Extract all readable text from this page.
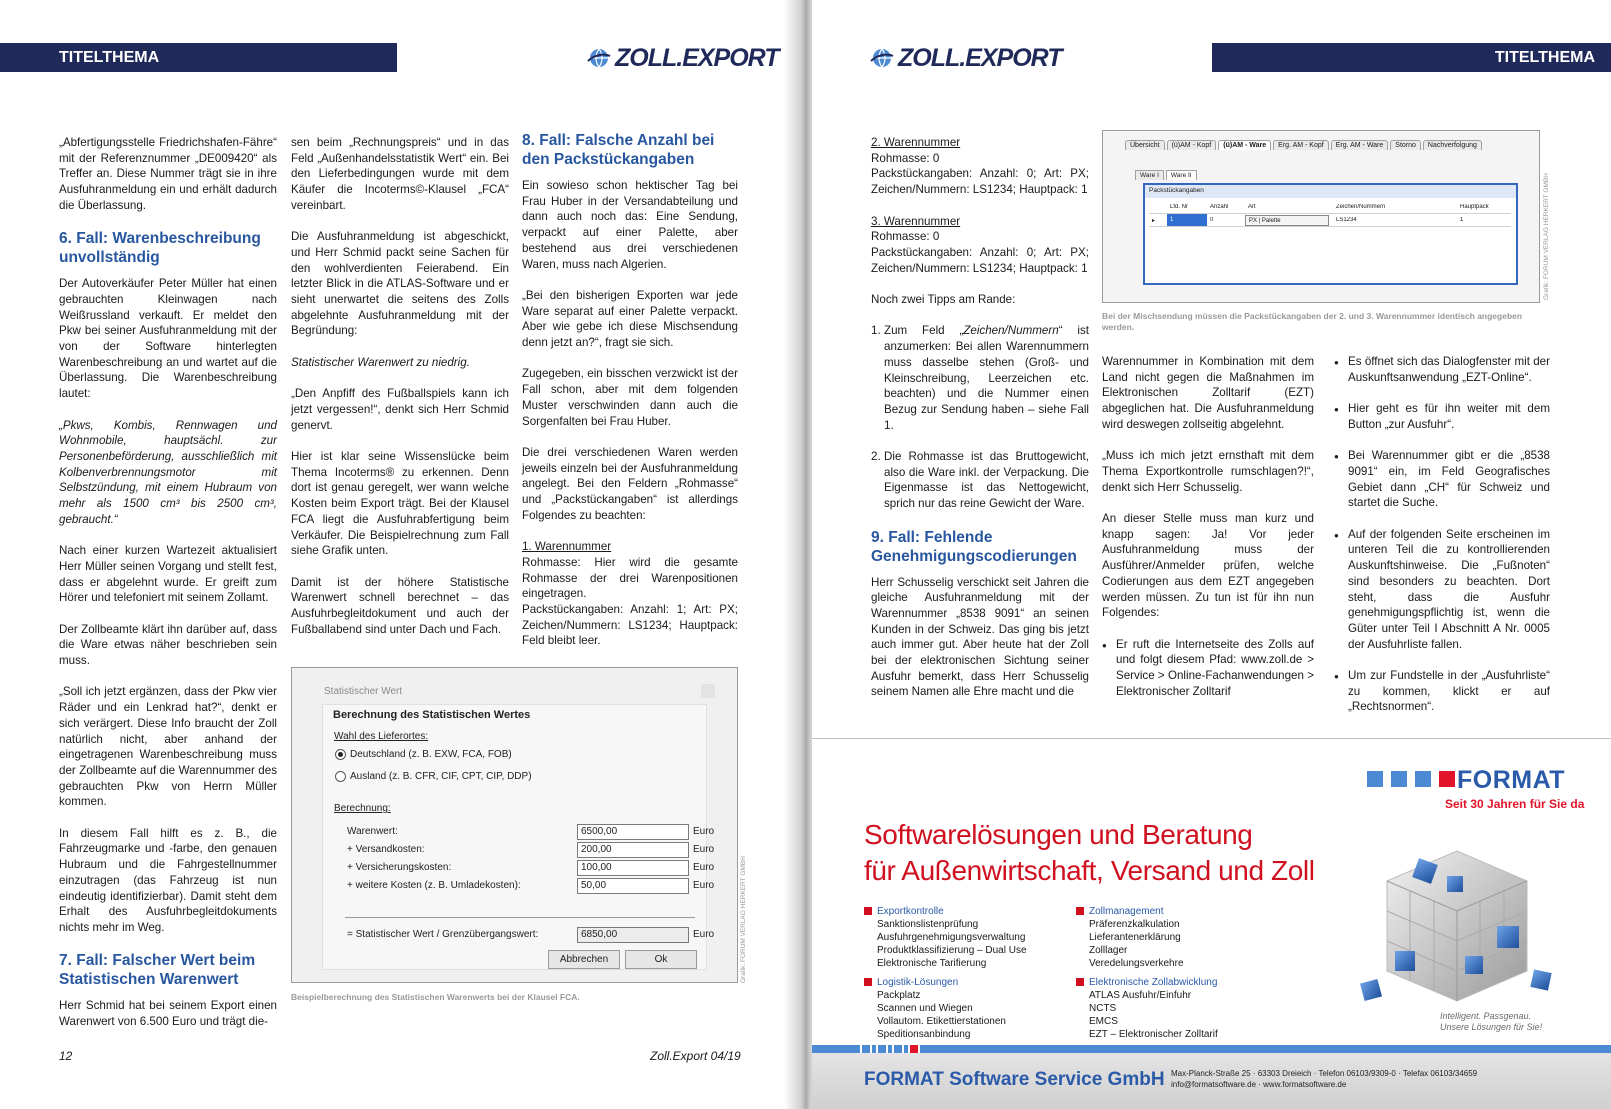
TITELTHEMA	ZOLL.EXPORT

„Abfertigungsstelle Friedrichshafen-Fähre“ mit der Referenznummer „DE009420“ als Treffer an. Diese Nummer trägt sie in ihre Ausfuhranmeldung ein und erhält dadurch die Überlassung.

6. Fall: Warenbeschreibung unvollständig

Der Autoverkäufer Peter Müller hat einen gebrauchten Kleinwagen nach Weißrussland verkauft. Er meldet den Pkw bei seiner Ausfuhranmeldung mit der von der Software hinterlegten Warenbeschreibung an und wartet auf die Überlassung. Die Warenbeschreibung lautet:

„Pkws, Kombis, Rennwagen und Wohnmobile, hauptsächl. zur Personenbeförderung, ausschließlich mit Kolbenverbrennungsmotor mit Selbstzündung, mit einem Hubraum von mehr als 1500 cm³ bis 2500 cm³, gebraucht.“

Nach einer kurzen Wartezeit aktualisiert Herr Müller seinen Vorgang und stellt fest, dass er abgelehnt wurde. Er greift zum Hörer und telefoniert mit seinem Zollamt.

Der Zollbeamte klärt ihn darüber auf, dass die Ware etwas näher beschrieben sein muss.

„Soll ich jetzt ergänzen, dass der Pkw vier Räder und ein Lenkrad hat?“, denkt er sich verärgert. Diese Info braucht der Zoll natürlich nicht, aber anhand der eingetragenen Warenbeschreibung muss der Zollbeamte auf die Warennummer des gebrauchten Pkw von Herrn Müller kommen.

In diesem Fall hilft es z. B., die Fahrzeugmarke und -farbe, den genauen Hubraum und die Fahrgestellnummer einzutragen (das Fahrzeug ist nun eindeutig identifizierbar). Damit steht dem Erhalt des Ausfuhrbegleitdokuments nichts mehr im Weg.

7. Fall: Falscher Wert beim Statistischen Warenwert

Herr Schmid hat bei seinem Export einen Warenwert von 6.500 Euro und trägt die-

sen beim „Rechnungspreis“ und in das Feld „Außenhandelsstatistik Wert“ ein. Bei den Lieferbedingungen wurde mit dem Käufer die Incoterms©-Klausel „FCA“ vereinbart.

Die Ausfuhranmeldung ist abgeschickt, und Herr Schmid packt seine Sachen für den wohlverdienten Feierabend. Ein letzter Blick in die ATLAS-Software und er sieht unerwartet die seitens des Zolls abgelehnte Ausfuhranmeldung mit der Begründung:

Statistischer Warenwert zu niedrig.

„Den Anpfiff des Fußballspiels kann ich jetzt vergessen!“, denkt sich Herr Schmid genervt.

Hier ist klar seine Wissenslücke beim Thema Incoterms® zu erkennen. Denn dort ist genau geregelt, wer wann welche Kosten beim Export trägt. Bei der Klausel FCA liegt die Ausfuhrabfertigung beim Verkäufer. Die Beispielrechnung zum Fall siehe Grafik unten.

Damit ist der höhere Statistische Warenwert schnell berechnet – das Ausfuhrbegleitdokument und auch der Fußballabend sind unter Dach und Fach.

8. Fall: Falsche Anzahl bei den Packstückangaben

Ein sowieso schon hektischer Tag bei Frau Huber in der Versandabteilung und dann auch noch das: Eine Sendung, verpackt auf einer Palette, aber bestehend aus drei verschiedenen Waren, muss nach Algerien.

„Bei den bisherigen Exporten war jede Ware separat auf einer Palette verpackt. Aber wie gebe ich diese Mischsendung denn jetzt an?“, fragt sie sich.

Zugegeben, ein bisschen verzwickt ist der Fall schon, aber mit dem folgenden Muster verschwinden dann auch die Sorgenfalten bei Frau Huber.

Die drei verschiedenen Waren werden jeweils einzeln bei der Ausfuhranmeldung angelegt. Bei den Feldern „Rohmasse“ und „Packstückangaben“ ist allerdings Folgendes zu beachten:

1. Warennummer
Rohmasse: Hier wird die gesamte Rohmasse der drei Warenpositionen eingetragen.
Packstückangaben: Anzahl: 1; Art: PX; Zeichen/Nummern: LS1234; Hauptpack: Feld bleibt leer.
Statistischer Wert
Berechnung des Statistischen Wertes
Wahl des Lieferortes:
Deutschland (z. B. EXW, FCA, FOB)
Ausland (z. B. CFR, CIF, CPT, CIP, DDP)
Berechnung:
Warenwert:	6500,00	Euro
+ Versandkosten:	200,00	Euro
+ Versicherungskosten:	100,00	Euro
+ weitere Kosten (z. B. Umladekosten):	50,00	Euro
= Statistischer Wert / Grenzübergangswert:	6850,00	Euro
Abbrechen	Ok	Grafik: FORUM VERLAG HERKERT GMBH
Beispielberechnung des Statistischen Warenwerts bei der Klausel FCA.
12	Zoll.Export 04/19
TITELTHEMA
ZOLL.EXPORT
2. Warennummer
Rohmasse: 0
Packstückangaben: Anzahl: 0; Art: PX; Zeichen/Nummern: LS1234; Hauptpack: 1
3. Warennummer
Rohmasse: 0
Packstückangaben: Anzahl: 0; Art: PX; Zeichen/Nummern: LS1234; Hauptpack: 1

Noch zwei Tipps am Rande:

1. Zum Feld „Zeichen/Nummern“ ist anzumerken: Bei allen Warennummern muss dasselbe stehen (Groß- und Kleinschreibung, Leerzeichen etc. beachten) und die Nummer einen Bezug zur Sendung haben – siehe Fall 1.
2. Die Rohmasse ist das Bruttogewicht, also die Ware inkl. der Verpackung. Die Eigenmasse ist das Nettogewicht, sprich nur das reine Gewicht der Ware.
9. Fall: Fehlende Genehmigungscodierungen

Herr Schusselig verschickt seit Jahren die gleiche Ausfuhranmeldung mit der Warennummer „8538 9091“ an seinen Kunden in der Schweiz. Das ging bis jetzt auch immer gut. Aber heute hat der Zoll bei der elektronischen Sichtung seiner Ausfuhr bemerkt, dass Herr Schusselig seinem Namen alle Ehre macht und die

Warennummer in Kombination mit dem Land nicht gegen die Maßnahmen im Elektronischen Zolltarif (EZT) abgeglichen hat. Die Ausfuhranmeldung wird deswegen zollseitig abgelehnt.

„Muss ich mich jetzt ernsthaft mit dem Thema Exportkontrolle rumschlagen?!“, denkt sich Herr Schusselig.

An dieser Stelle muss man kurz und knapp sagen: Ja! Vor jeder Ausfuhranmeldung muss der Ausführer/Anmelder prüfen, welche Codierungen aus dem EZT angegeben werden müssen. Zu tun ist für ihn nun Folgendes:

● Er ruft die Internetseite des Zolls auf und folgt diesem Pfad: www.zoll.de > Service > Online-Fachanwendungen > Elektronischer Zolltarif
● Es öffnet sich das Dialogfenster mit der Auskunftsanwendung „EZT-Online“.
● Hier geht es für ihn weiter mit dem Button „zur Ausfuhr“.
● Bei Warennummer gibt er die „8538 9091“ ein, im Feld Geografisches Gebiet dann „CH“ für Schweiz und startet die Suche.
● Auf der folgenden Seite erscheinen im unteren Teil die zu kontrollierenden Auskunftshinweise. Die „Fußnoten“ sind besonders zu beachten. Dort steht, dass die Ausfuhr genehmigungspflichtig ist, wenn die Güter unter Teil I Abschnitt A Nr. 0005 der Ausfuhrliste fallen.
● Um zur Fundstelle in der „Ausfuhrliste“ zu kommen, klickt er auf „Rechtsnormen“.
Übersicht	(ü)AM - Kopf	(ü)AM - Ware	Erg. AM - Kopf	Erg. AM - Ware	Storno	Nachverfolgung
Ware I	Ware II
Packstückangaben
Lfd. Nr	Anzahl	Art	Zeichen/Nummern	Hauptpack
▸	1	0	PX | Palette	LS1234	1	Grafik: FORUM VERLAG HERKERT GMBH
Bei der Mischsendung müssen die Packstückangaben der 2. und 3. Warennummer identisch angegeben werden.
FORMAT
Seit 30 Jahren für Sie da
Softwarelösungen und Beratung
für Außenwirtschaft, Versand und Zoll
Exportkontrolle
Sanktionslistenprüfung
Ausfuhrgenehmigungsverwaltung
Produktklassifizierung – Dual Use
Elektronische Tarifierung
Logistik-Lösungen
Packplatz
Scannen und Wiegen
Vollautom. Etikettierstationen
Speditionsanbindung
Zollmanagement
Präferenzkalkulation
Lieferantenerklärung
Zolllager
Veredelungsverkehre
Elektronische Zollabwicklung
ATLAS Ausfuhr/Einfuhr
NCTS
EMCS
EZT – Elektronischer Zolltarif
Intelligent. Passgenau.
Unsere Lösungen für Sie!
FORMAT Software Service GmbH Max-Planck-Straße 25 · 63303 Dreieich · Telefon 06103/9309-0 · Telefax 06103/34659
info@formatsoftware.de · www.formatsoftware.de
